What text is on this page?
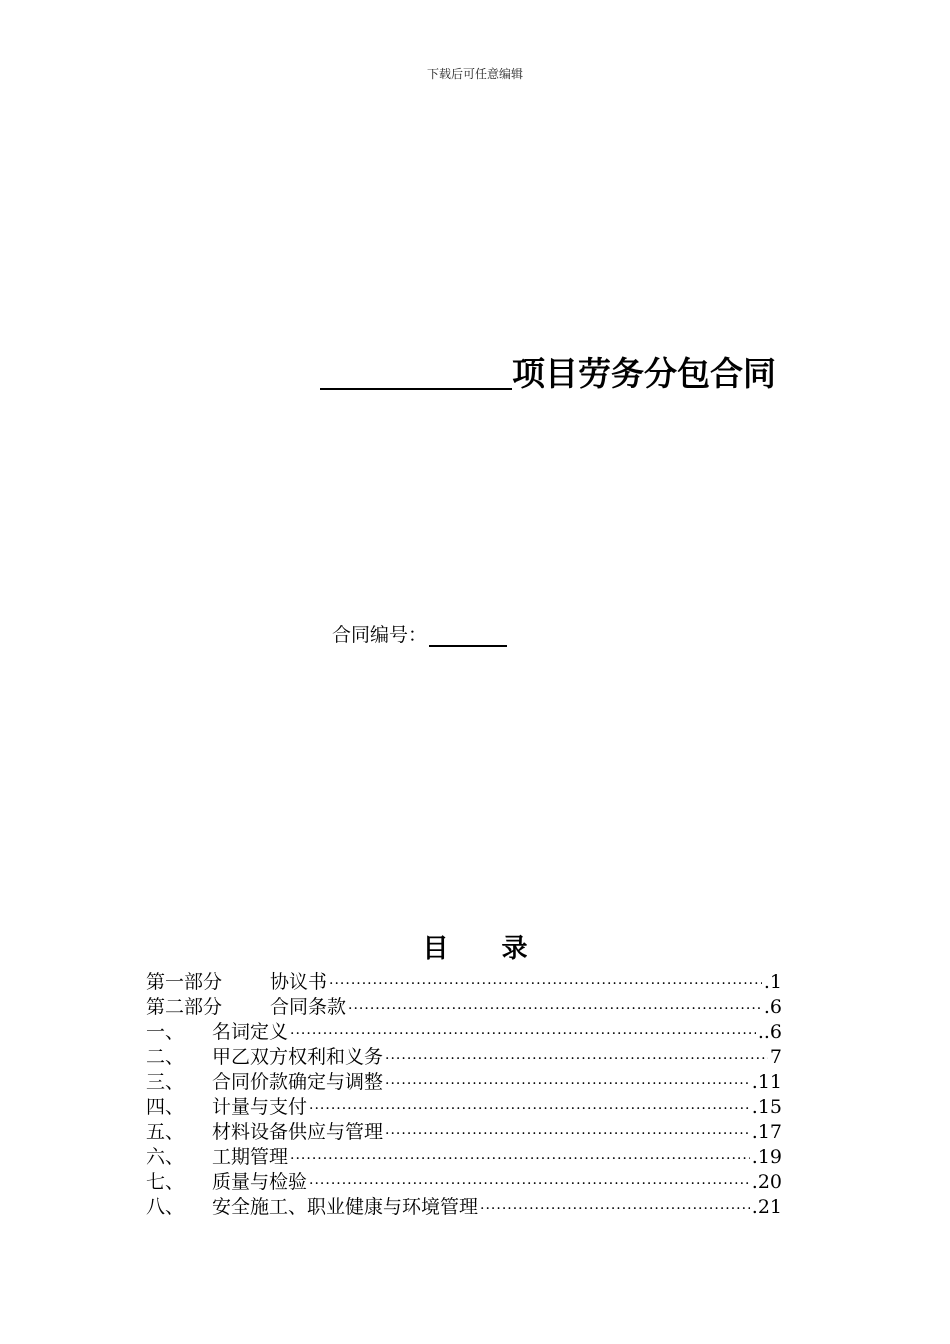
下载后可任意编辑
项目劳务分包合同
合同编号：
目 录
第一部分	协议书 ·····	.1
第二部分	合同条款 ·····	.6
一、	名词定义 ·····	..6
二、	甲乙双方权利和义务 ·····	7
三、	合同价款确定与调整 ·····	.11
四、	计量与支付 ·····	.15
五、	材料设备供应与管理 ·····	.17
六、	工期管理 ·····	.19
七、	质量与检验 ·····	.20
八、	安全施工、职业健康与环境管理 ·····	.21
